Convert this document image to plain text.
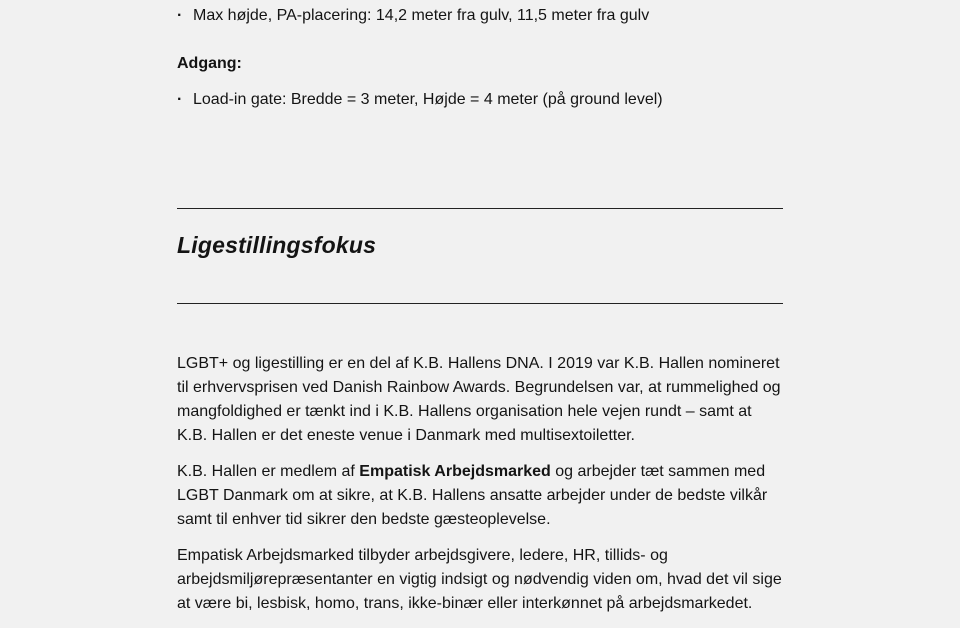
· Max højde, PA-placering: 14,2 meter fra gulv, 11,5 meter fra gulv
Adgang:
· Load-in gate: Bredde = 3 meter, Højde = 4 meter (på ground level)
Ligestillingsfokus

LGBT+ og ligestilling er en del af K.B. Hallens DNA. I 2019 var K.B. Hallen nomineret til erhvervsprisen ved Danish Rainbow Awards. Begrundelsen var, at rummelighed og mangfoldighed er tænkt ind i K.B. Hallens organisation hele vejen rundt – samt at K.B. Hallen er det eneste venue i Danmark med multisextoiletter.

K.B. Hallen er medlem af Empatisk Arbejdsmarked og arbejder tæt sammen med LGBT Danmark om at sikre, at K.B. Hallens ansatte arbejder under de bedste vilkår samt til enhver tid sikrer den bedste gæsteoplevelse.

Empatisk Arbejdsmarked tilbyder arbejdsgivere, ledere, HR, tillids- og arbejdsmiljørepræsentanter en vigtig indsigt og nødvendig viden om, hvad det vil sige at være bi, lesbisk, homo, trans, ikke-binær eller interkønnet på arbejdsmarkedet.
